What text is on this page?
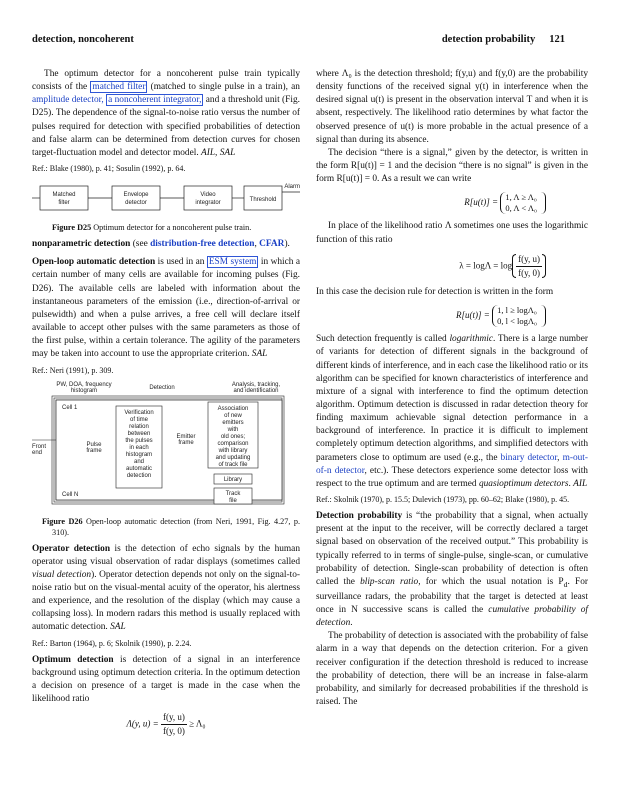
detection, noncoherent	detection probability 121

The optimum detector for a noncoherent pulse train typically consists of the matched filter (matched to single pulse in a train), an amplitude detector, a noncoherent integrator, and a threshold unit (Fig. D25). The dependence of the signal-to-noise ratio versus the number of pulses required for detection with specified probabilities of detection and false alarm can be determined from detection curves for chosen target-fluctuation model and detector model. AIL, SAL

Ref.: Blake (1980), p. 41; Sosulin (1992), p. 64.

Matched
filter
Envelope
detector
Video
integrator	Threshold
Alarm

Figure D25 Optimum detector for a noncoherent pulse train.

nonparametric detection (see distribution-free detection, CFAR).

Open-loop automatic detection is used in an ESM system in which a certain number of many cells are available for incoming pulses (Fig. D26). The available cells are labeled with information about the instantaneous parameters of the emission (i.e., direction-of-arrival or pulsewidth) and when a pulse arrives, a free cell will declare itself available to accept other pulses with the same parameters as those of the first pulse, within a certain tolerance. The agility of the parameters may be taken into account to use the appropriate criterion. SAL

Ref.: Neri (1991), p. 309.

PW, DOA, frequency
histogram	Detection	Analysis, tracking,
and identification
Cell 1
Cell N
Front
end
Pulse
frame
Verification
of time
relation
between
the pulses
in each
histogram
and
automatic
detection
Emitter
frame
Association
of new
emitters
with
old ones;
comparison
with library
and updating
of track file
Library
Track
file

Figure D26 Open-loop automatic detection (from Neri, 1991, Fig. 4.27, p. 310).

Operator detection is the detection of echo signals by the human operator using visual observation of radar displays (sometimes called visual detection). Operator detection depends not only on the signal-to-noise ratio but on the visual-mental acuity of the operator, his alertness and experience, and the resolution of the display (which may cause a collapsing loss). In modern radars this method is usually replaced with automatic detection. SAL

Ref.: Barton (1964), p. 6; Skolnik (1990), p. 2.24.

Optimum detection is detection of a signal in an interference background using optimum detection criteria. In the optimum detection a decision on presence of a target is made in the case when the likelihood ratio

Λ(y, $u) = \frac{f(y, u)}{f(y, 0)} \ge \Lambda_0$

where Λ₀ is the detection threshold; f(y,u) and f(y,0) are the probability density functions of the received signal y(t) in interference when the desired signal u(t) is present in the observation interval T and when it is absent, respectively. The likelihood ratio determines by what factor the observed presence of u(t) is more probable in the actual presence of a signal than during its absence.

The decision “there is a signal,” given by the detector, is written in the form R[u(t)] = 1 and the decision “there is no signal” is given in the form R[u(t)] = 0. As a result we can write

R[u(t)] =
1, Λ ≥ Λ₀
0, Λ < Λ₀

In place of the likelihood ratio Λ sometimes one uses the logarithmic function of this ratio

$\lambda = \log\Lambda = \log \frac{f(y, u)}{f(y, 0)}$

In this case the decision rule for detection is written in the form

R[u(t)] =
1, l ≥ logΛ₀
0, l < logΛ₀

Such detection frequently is called logarithmic. There is a large number of variants for detection of different signals in the background of different kinds of interference, and in each case the likelihood ratio or its algorithm can be specified for known characteristics of interference and mixture of a signal with interference to find the optimum detection algorithm. Optimum detection is discussed in radar detection theory for finding maximum achievable signal detection performance in a background of interference. In practice it is difficult to implement completely optimum detection algorithms, and simplified detectors with parameters close to optimum are used (e.g., the binary detector, m-out-of-n detector, etc.). These detectors experience some detector loss with respect to the true optimum and are termed quasioptimum detectors. AIL

Ref.: Skolnik (1970), p. 15.5; Dulevich (1973), pp. 60–62; Blake (1980), p. 45.

Detection probability is “the probability that a signal, when actually present at the input to the receiver, will be correctly declared a target signal based on observation of the received output.” This probability is typically referred to in terms of single-pulse, single-scan, or cumulative probability of detection. Single-scan probability of detection is often called the blip-scan ratio, for which the usual notation is $P_d$. For surveillance radars, the probability that the target is detected at least once in N successive scans is called the cumulative probability of detection.

The probability of detection is associated with the probability of false alarm in a way that depends on the detection criterion. For a given receiver configuration if the detection threshold is reduced to increase the probability of detection, there will be an increase in false-alarm probability, and similarly for decreased probabilities if the threshold is raised. The
